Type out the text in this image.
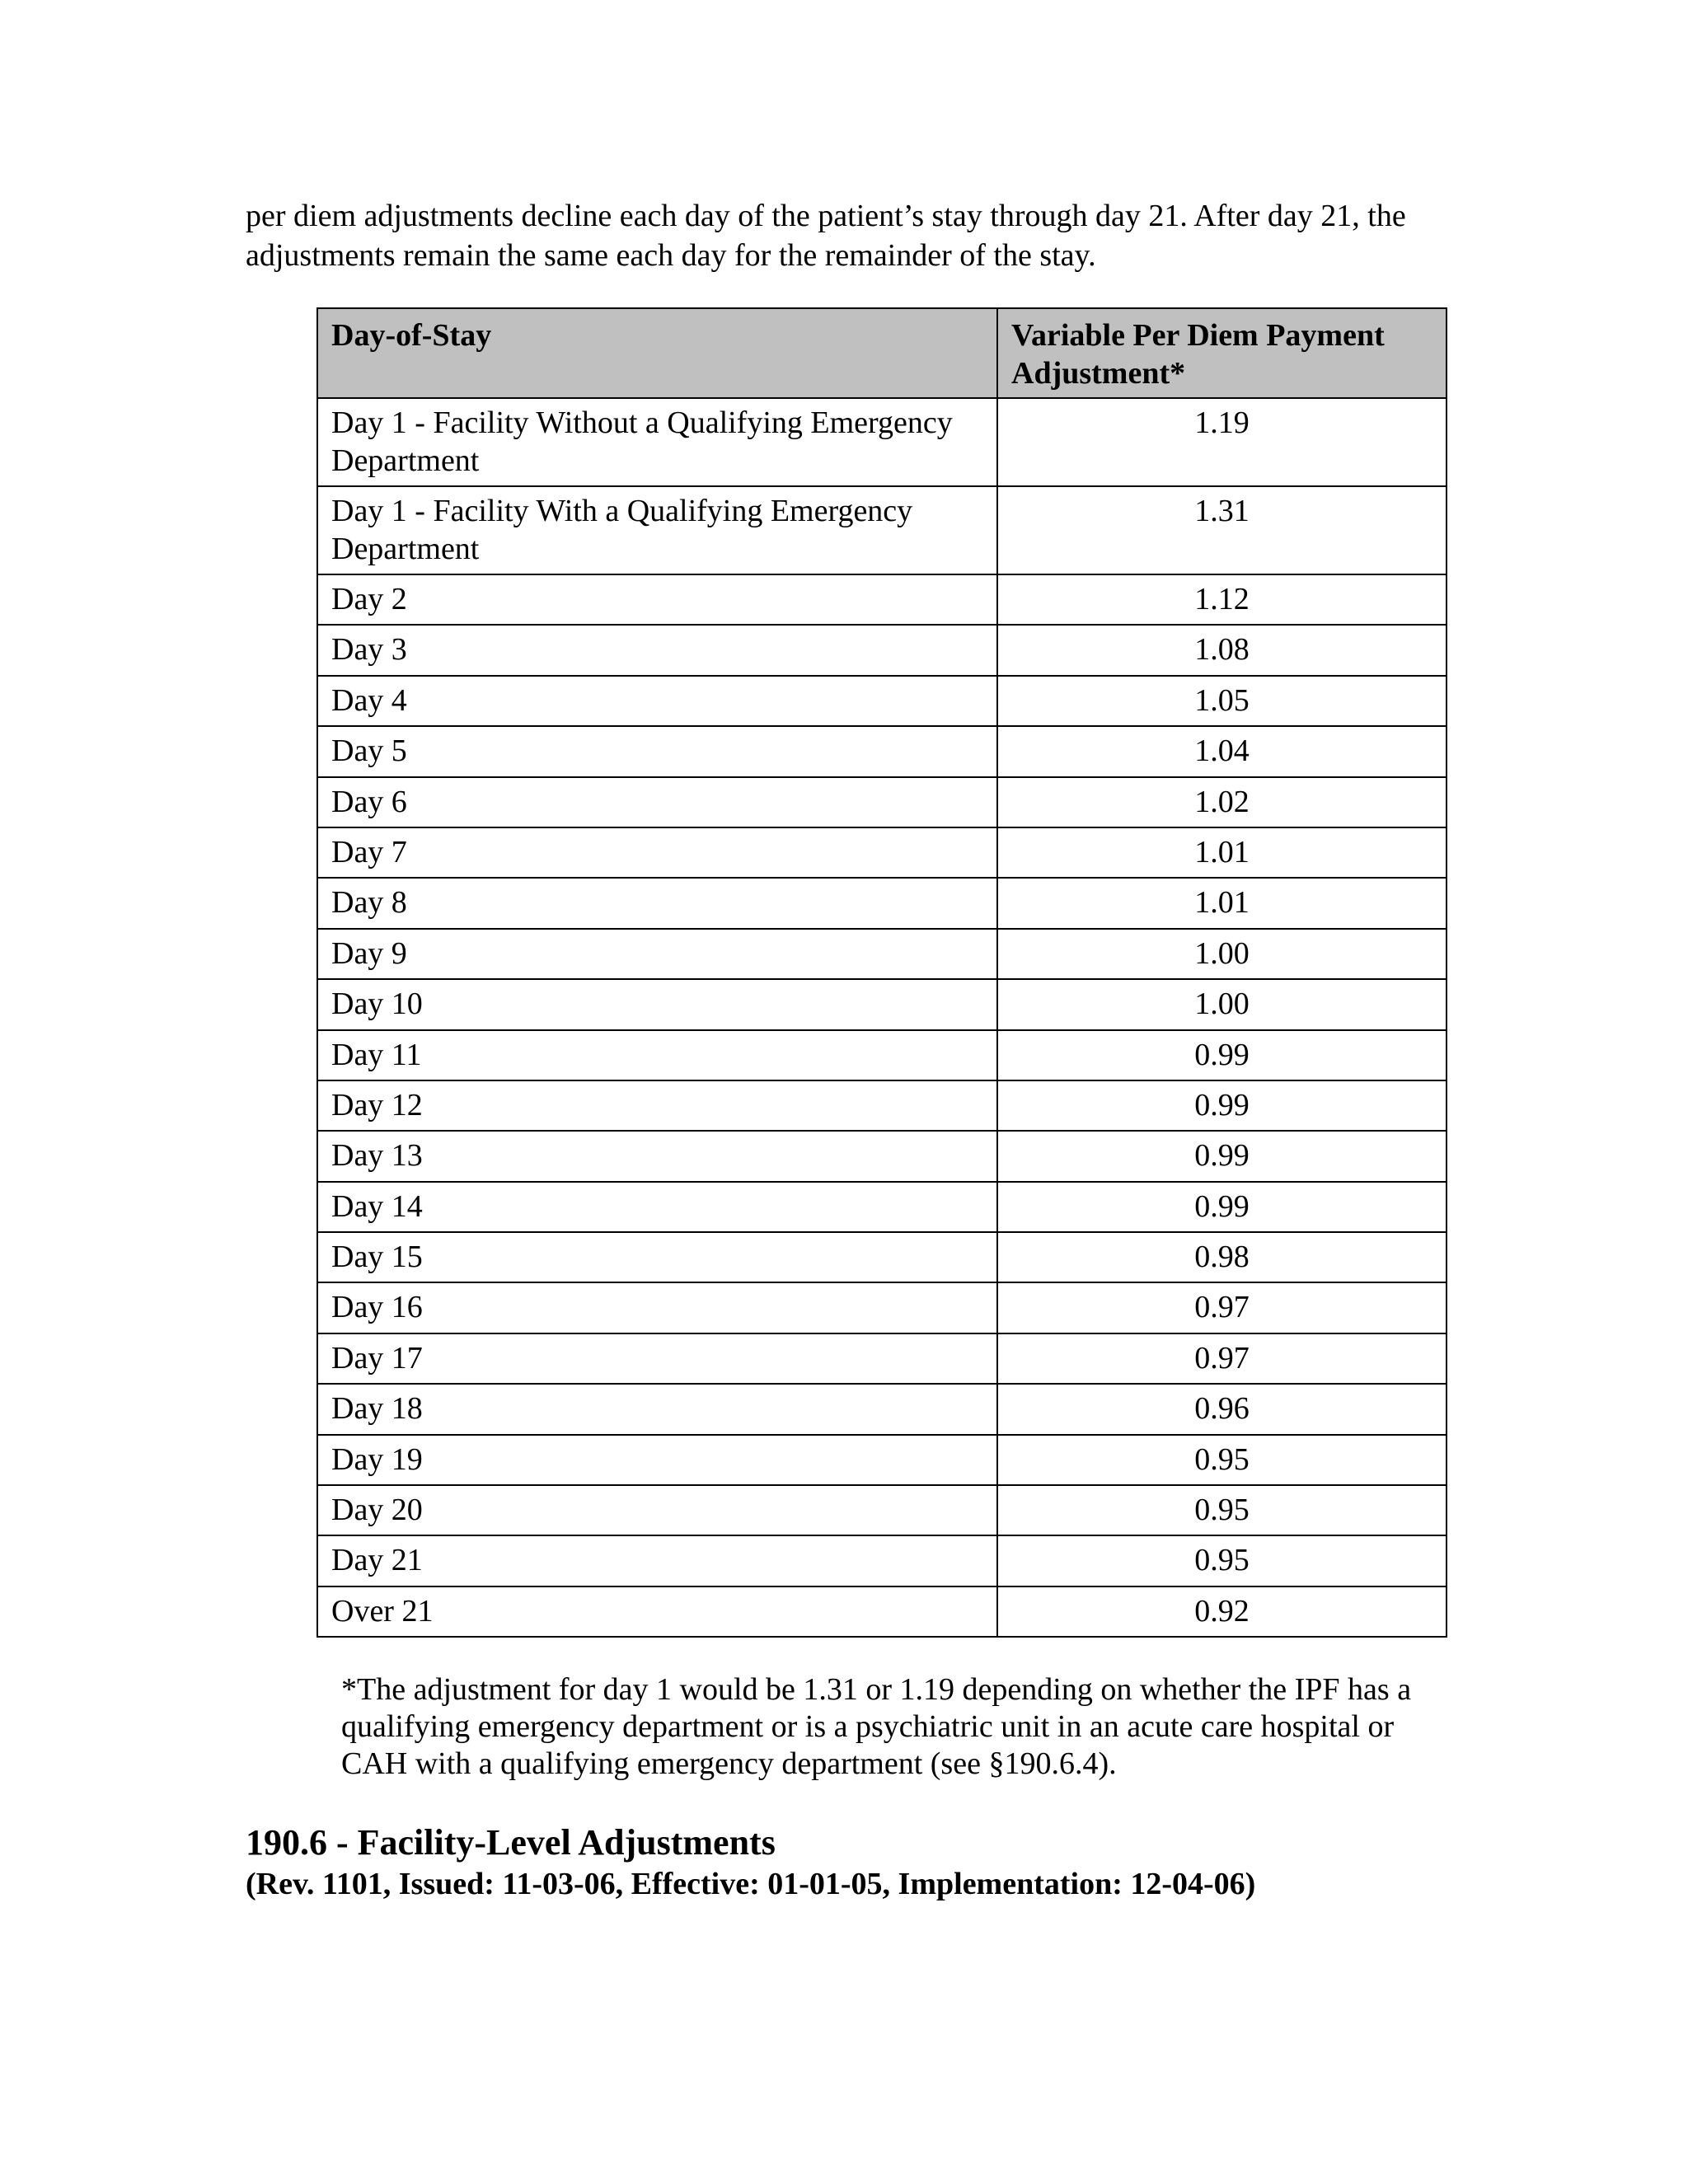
per diem adjustments decline each day of the patient’s stay through day 21. After day 21, the adjustments remain the same each day for the remainder of the stay.

Day-of-Stay	Variable Per Diem Payment Adjustment*
Day 1 - Facility Without a Qualifying Emergency Department	1.19
Day 1 - Facility With a Qualifying Emergency Department	1.31
Day 2	1.12
Day 3	1.08
Day 4	1.05
Day 5	1.04
Day 6	1.02
Day 7	1.01
Day 8	1.01
Day 9	1.00
Day 10	1.00
Day 11	0.99
Day 12	0.99
Day 13	0.99
Day 14	0.99
Day 15	0.98
Day 16	0.97
Day 17	0.97
Day 18	0.96
Day 19	0.95
Day 20	0.95
Day 21	0.95
Over 21	0.92

*The adjustment for day 1 would be 1.31 or 1.19 depending on whether the IPF has a qualifying emergency department or is a psychiatric unit in an acute care hospital or CAH with a qualifying emergency department (see §190.6.4).

190.6 - Facility-Level Adjustments

(Rev. 1101, Issued: 11-03-06, Effective: 01-01-05, Implementation: 12-04-06)
